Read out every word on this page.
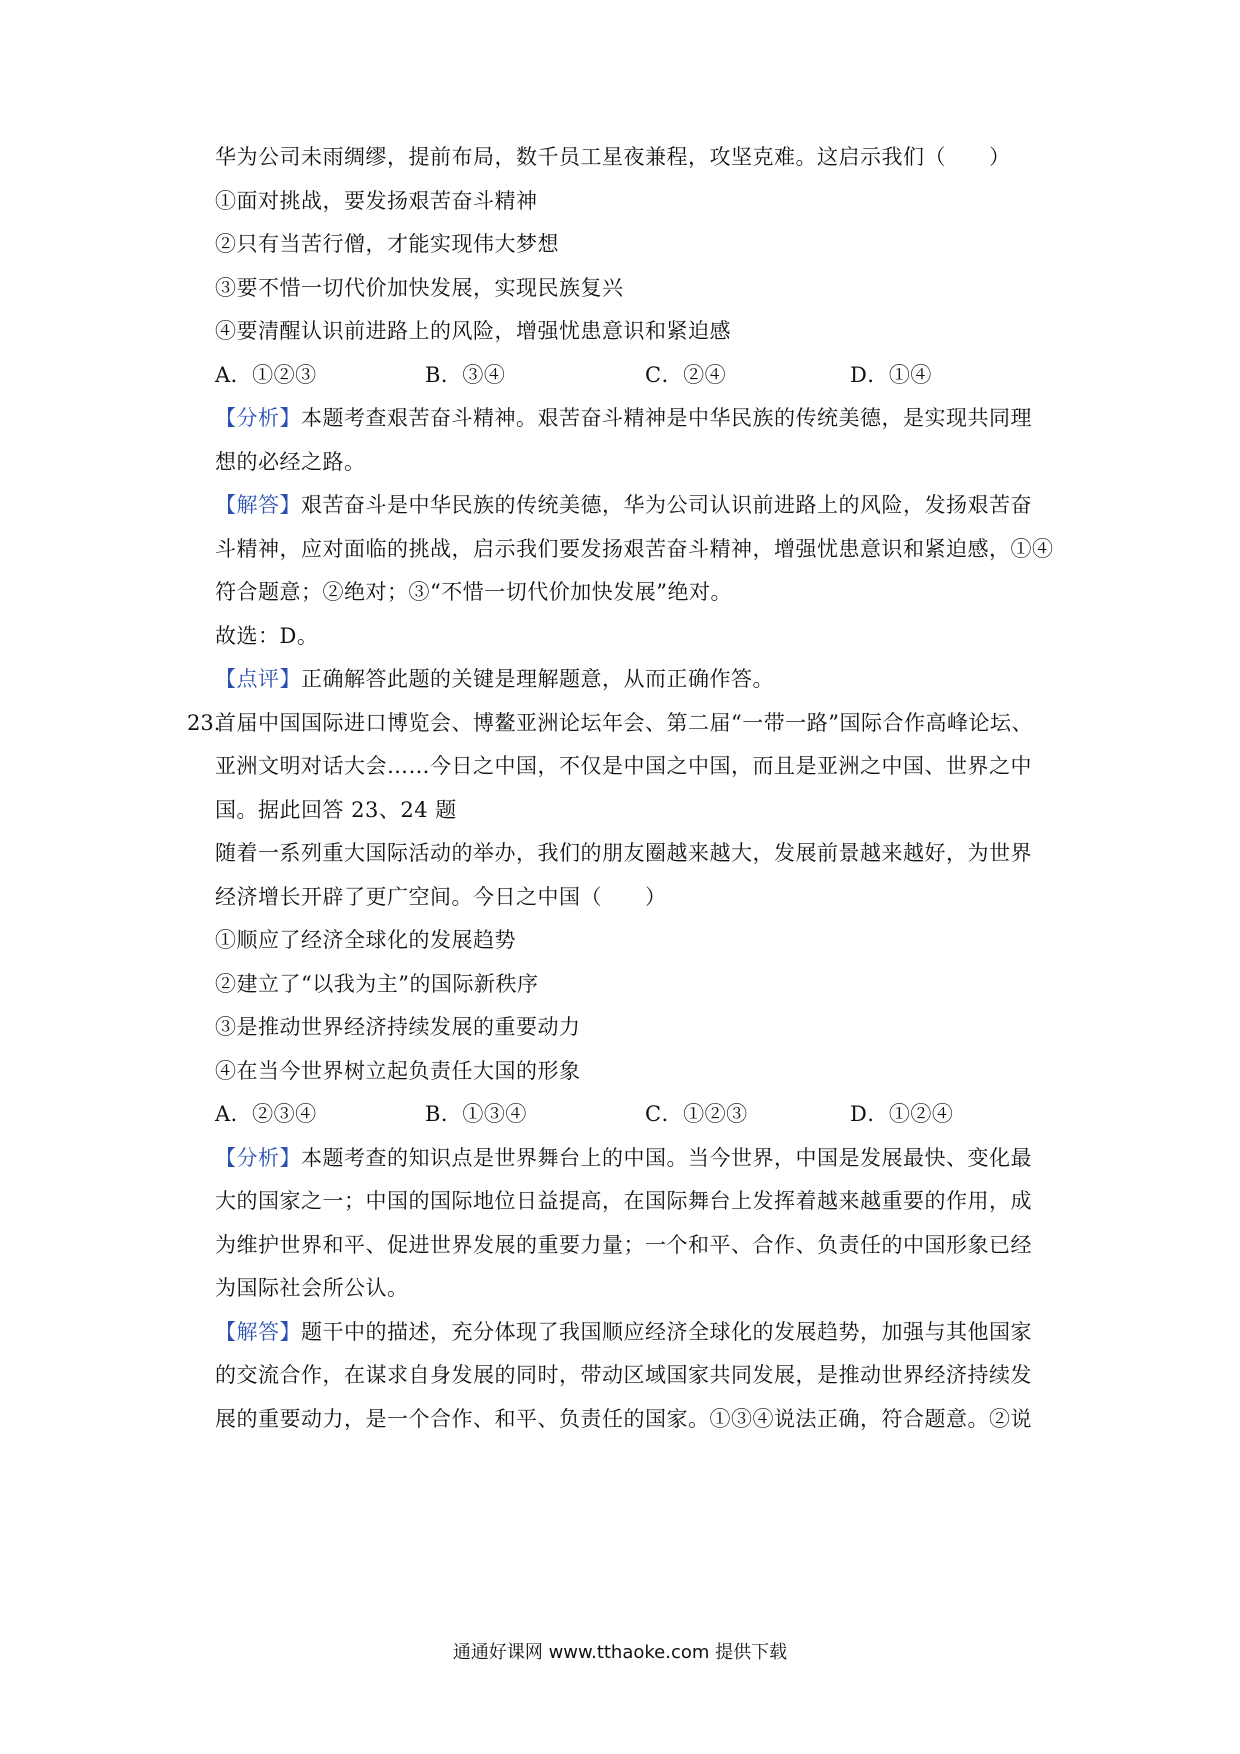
华为公司未雨绸缪，提前布局，数千员工星夜兼程，攻坚克难。这启示我们（　　）
①面对挑战，要发扬艰苦奋斗精神
②只有当苦行僧，才能实现伟大梦想
③要不惜一切代价加快发展，实现民族复兴
④要清醒认识前进路上的风险，增强忧患意识和紧迫感
A．①②③	B．③④	C．②④	D．①④
【分析】本题考查艰苦奋斗精神。艰苦奋斗精神是中华民族的传统美德，是实现共同理
想的必经之路。
【解答】艰苦奋斗是中华民族的传统美德，华为公司认识前进路上的风险，发扬艰苦奋
斗精神，应对面临的挑战，启示我们要发扬艰苦奋斗精神，增强忧患意识和紧迫感，①④
符合题意；②绝对；③“不惜一切代价加快发展”绝对。
故选：D。
【点评】正确解答此题的关键是理解题意，从而正确作答。
23.
首届中国国际进口博览会、博鳌亚洲论坛年会、第二届“一带一路”国际合作高峰论坛、
亚洲文明对话大会……今日之中国，不仅是中国之中国，而且是亚洲之中国、世界之中
国。据此回答 23、24 题
随着一系列重大国际活动的举办，我们的朋友圈越来越大，发展前景越来越好，为世界
经济增长开辟了更广空间。今日之中国（　　）
①顺应了经济全球化的发展趋势
②建立了“以我为主”的国际新秩序
③是推动世界经济持续发展的重要动力
④在当今世界树立起负责任大国的形象
A．②③④	B．①③④	C．①②③	D．①②④
【分析】本题考查的知识点是世界舞台上的中国。当今世界，中国是发展最快、变化最
大的国家之一；中国的国际地位日益提高，在国际舞台上发挥着越来越重要的作用，成
为维护世界和平、促进世界发展的重要力量；一个和平、合作、负责任的中国形象已经
为国际社会所公认。
【解答】题干中的描述，充分体现了我国顺应经济全球化的发展趋势，加强与其他国家
的交流合作，在谋求自身发展的同时，带动区域国家共同发展，是推动世界经济持续发
展的重要动力，是一个合作、和平、负责任的国家。①③④说法正确，符合题意。②说
通通好课网 www.tthaoke.com 提供下载
